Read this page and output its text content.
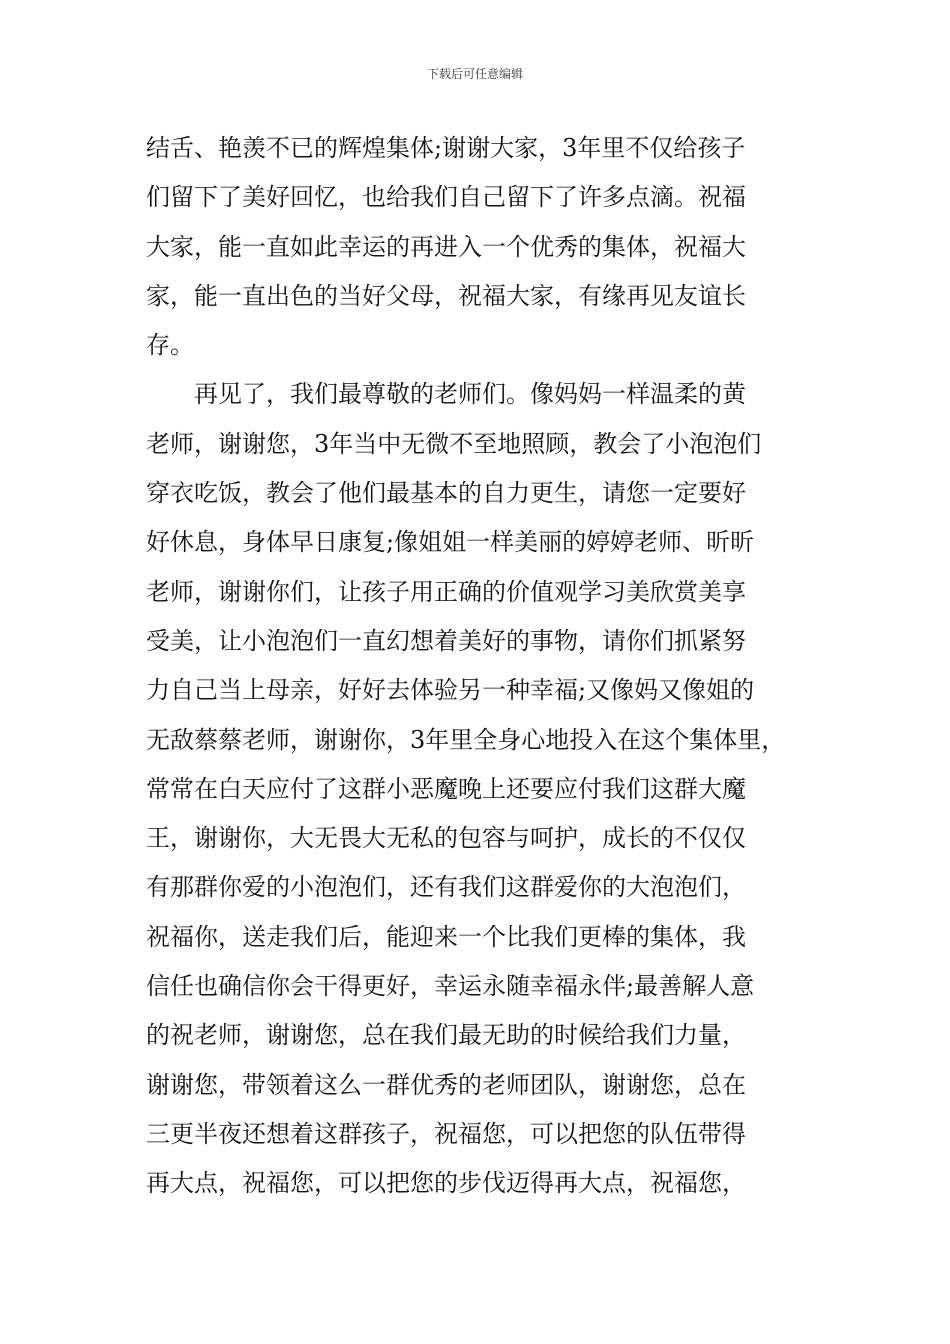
下载后可任意编辑
结舌、艳羡不已的辉煌集体;谢谢大家，3年里不仅给孩子
们留下了美好回忆，也给我们自己留下了许多点滴。祝福
大家，能一直如此幸运的再进入一个优秀的集体，祝福大
家，能一直出色的当好父母，祝福大家，有缘再见友谊长
存。
　　再见了，我们最尊敬的老师们。像妈妈一样温柔的黄
老师，谢谢您，3年当中无微不至地照顾，教会了小泡泡们
穿衣吃饭，教会了他们最基本的自力更生，请您一定要好
好休息，身体早日康复;像姐姐一样美丽的婷婷老师、昕昕
老师，谢谢你们，让孩子用正确的价值观学习美欣赏美享
受美，让小泡泡们一直幻想着美好的事物，请你们抓紧努
力自己当上母亲，好好去体验另一种幸福;又像妈又像姐的
无敌蔡蔡老师，谢谢你，3年里全身心地投入在这个集体里，
常常在白天应付了这群小恶魔晚上还要应付我们这群大魔
王，谢谢你，大无畏大无私的包容与呵护，成长的不仅仅
有那群你爱的小泡泡们，还有我们这群爱你的大泡泡们，
祝福你，送走我们后，能迎来一个比我们更棒的集体，我
信任也确信你会干得更好，幸运永随幸福永伴;最善解人意
的祝老师，谢谢您，总在我们最无助的时候给我们力量，
谢谢您，带领着这么一群优秀的老师团队，谢谢您，总在
三更半夜还想着这群孩子，祝福您，可以把您的队伍带得
再大点，祝福您，可以把您的步伐迈得再大点，祝福您，
